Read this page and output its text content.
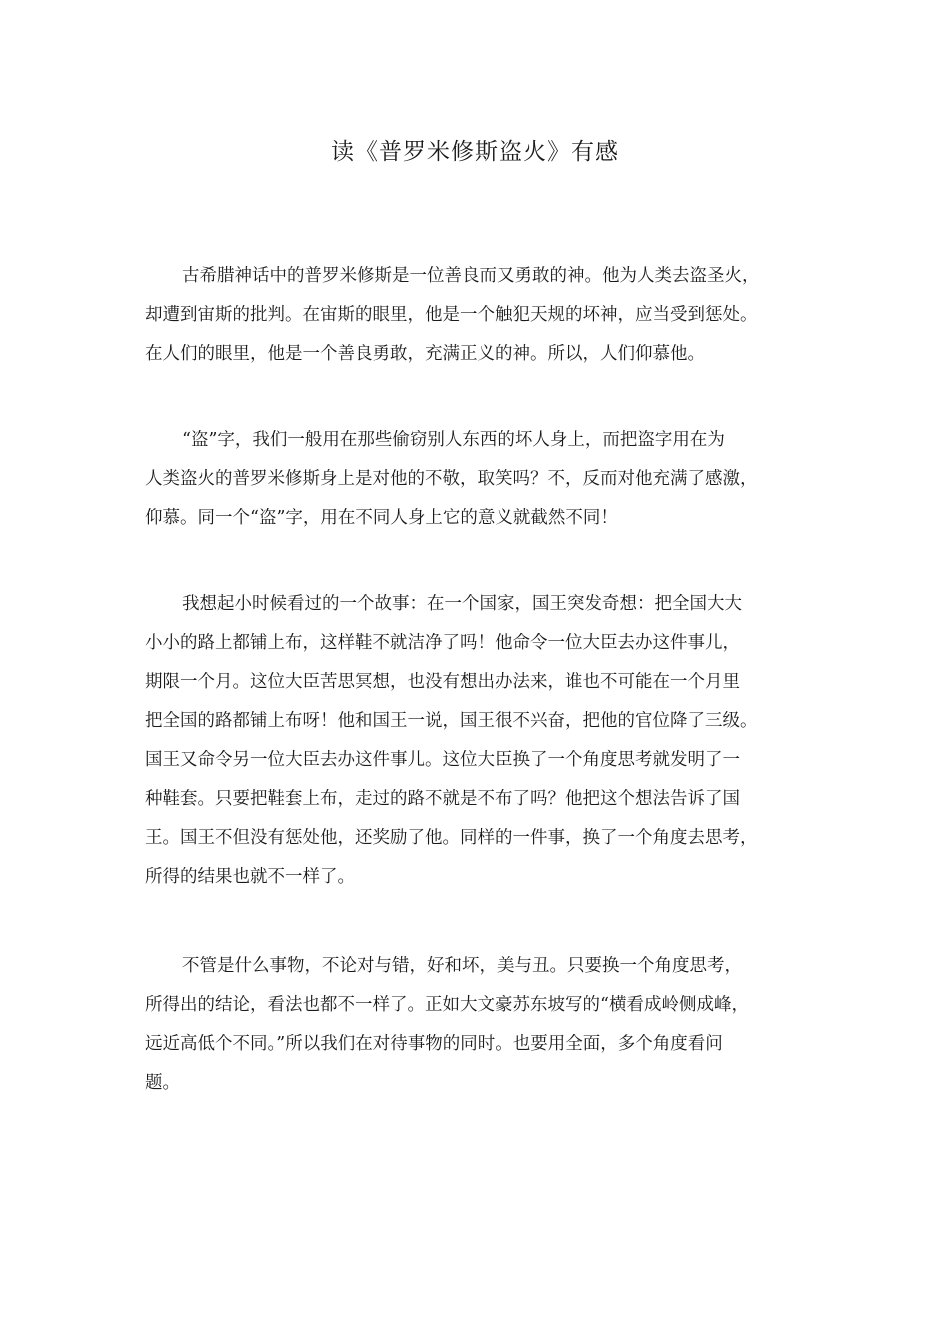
读《普罗米修斯盗火》有感

古希腊神话中的普罗米修斯是一位善良而又勇敢的神。他为人类去盗圣火，
却遭到宙斯的批判。在宙斯的眼里，他是一个触犯天规的坏神，应当受到惩处。
在人们的眼里，他是一个善良勇敢，充满正义的神。所以，人们仰慕他。

“盗”字，我们一般用在那些偷窃别人东西的坏人身上，而把盗字用在为
人类盗火的普罗米修斯身上是对他的不敬，取笑吗？不，反而对他充满了感激，
仰慕。同一个“盗”字，用在不同人身上它的意义就截然不同！

我想起小时候看过的一个故事：在一个国家，国王突发奇想：把全国大大
小小的路上都铺上布，这样鞋不就洁净了吗！他命令一位大臣去办这件事儿，
期限一个月。这位大臣苦思冥想，也没有想出办法来，谁也不可能在一个月里
把全国的路都铺上布呀！他和国王一说，国王很不兴奋，把他的官位降了三级。
国王又命令另一位大臣去办这件事儿。这位大臣换了一个角度思考就发明了一
种鞋套。只要把鞋套上布，走过的路不就是不布了吗？他把这个想法告诉了国
王。国王不但没有惩处他，还奖励了他。同样的一件事，换了一个角度去思考，
所得的结果也就不一样了。

不管是什么事物，不论对与错，好和坏，美与丑。只要换一个角度思考，
所得出的结论，看法也都不一样了。正如大文豪苏东坡写的“横看成岭侧成峰，
远近高低个不同。”所以我们在对待事物的同时。也要用全面，多个角度看问
题。
